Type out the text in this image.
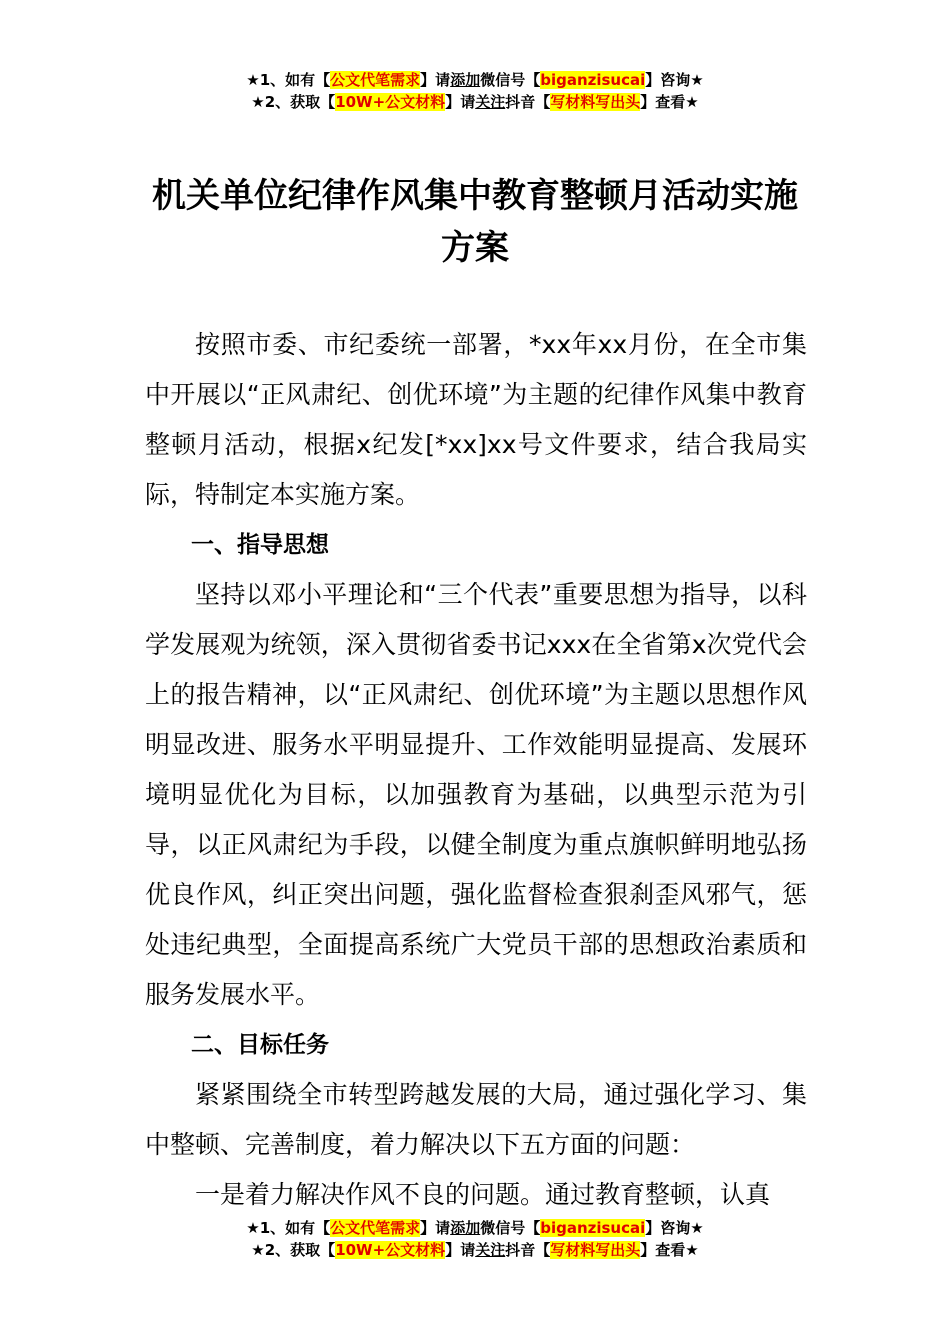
★1、如有【公文代笔需求】请添加微信号【biganzisucai】咨询★
★2、获取【10W+公文材料】请关注抖音【写材料写出头】查看★
机关单位纪律作风集中教育整顿月活动实施方案

按照市委、市纪委统一部署，*xx年xx月份，在全市集中开展以“正风肃纪、创优环境”为主题的纪律作风集中教育整顿月活动，根据x纪发[*xx]xx号文件要求，结合我局实际，特制定本实施方案。

一、指导思想

坚持以邓小平理论和“三个代表”重要思想为指导，以科学发展观为统领，深入贯彻省委书记xxx在全省第x次党代会上的报告精神，以“正风肃纪、创优环境”为主题以思想作风明显改进、服务水平明显提升、工作效能明显提高、发展环境明显优化为目标，以加强教育为基础，以典型示范为引导，以正风肃纪为手段，以健全制度为重点旗帜鲜明地弘扬优良作风，纠正突出问题，强化监督检查狠刹歪风邪气，惩处违纪典型，全面提高系统广大党员干部的思想政治素质和服务发展水平。

二、目标任务

紧紧围绕全市转型跨越发展的大局，通过强化学习、集中整顿、完善制度，着力解决以下五方面的问题：

一是着力解决作风不良的问题。通过教育整顿，认真

★1、如有【公文代笔需求】请添加微信号【biganzisucai】咨询★
★2、获取【10W+公文材料】请关注抖音【写材料写出头】查看★
